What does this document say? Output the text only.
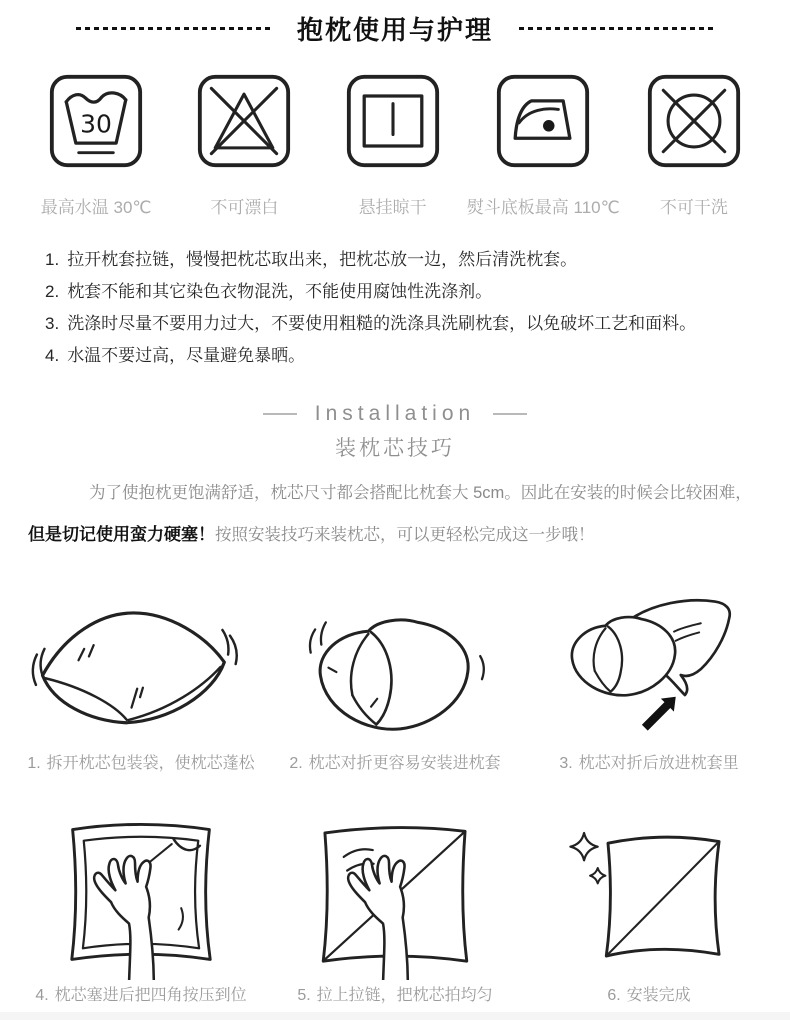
抱枕使用与护理
30
最高水温 30℃	不可漂白	悬挂晾干 熨斗底板最高 110℃ 不可干洗
1. 拉开枕套拉链，慢慢把枕芯取出来，把枕芯放一边，然后清洗枕套。
2. 枕套不能和其它染色衣物混洗，不能使用腐蚀性洗涤剂。
3. 洗涤时尽量不要用力过大，不要使用粗糙的洗涤具洗刷枕套，以免破坏工艺和面料。
4. 水温不要过高，尽量避免暴晒。
Installation
装枕芯技巧
为了使抱枕更饱满舒适，枕芯尺寸都会搭配比枕套大 5cm。因此在安装的时候会比较困难，
但是切记使用蛮力硬塞！按照安装技巧来装枕芯，可以更轻松完成这一步哦！
1. 拆开枕芯包装袋，使枕芯蓬松 2. 枕芯对折更容易安装进枕套	3. 枕芯对折后放进枕套里
4. 枕芯塞进后把四角按压到位	5. 拉上拉链，把枕芯拍均匀	6. 安装完成
